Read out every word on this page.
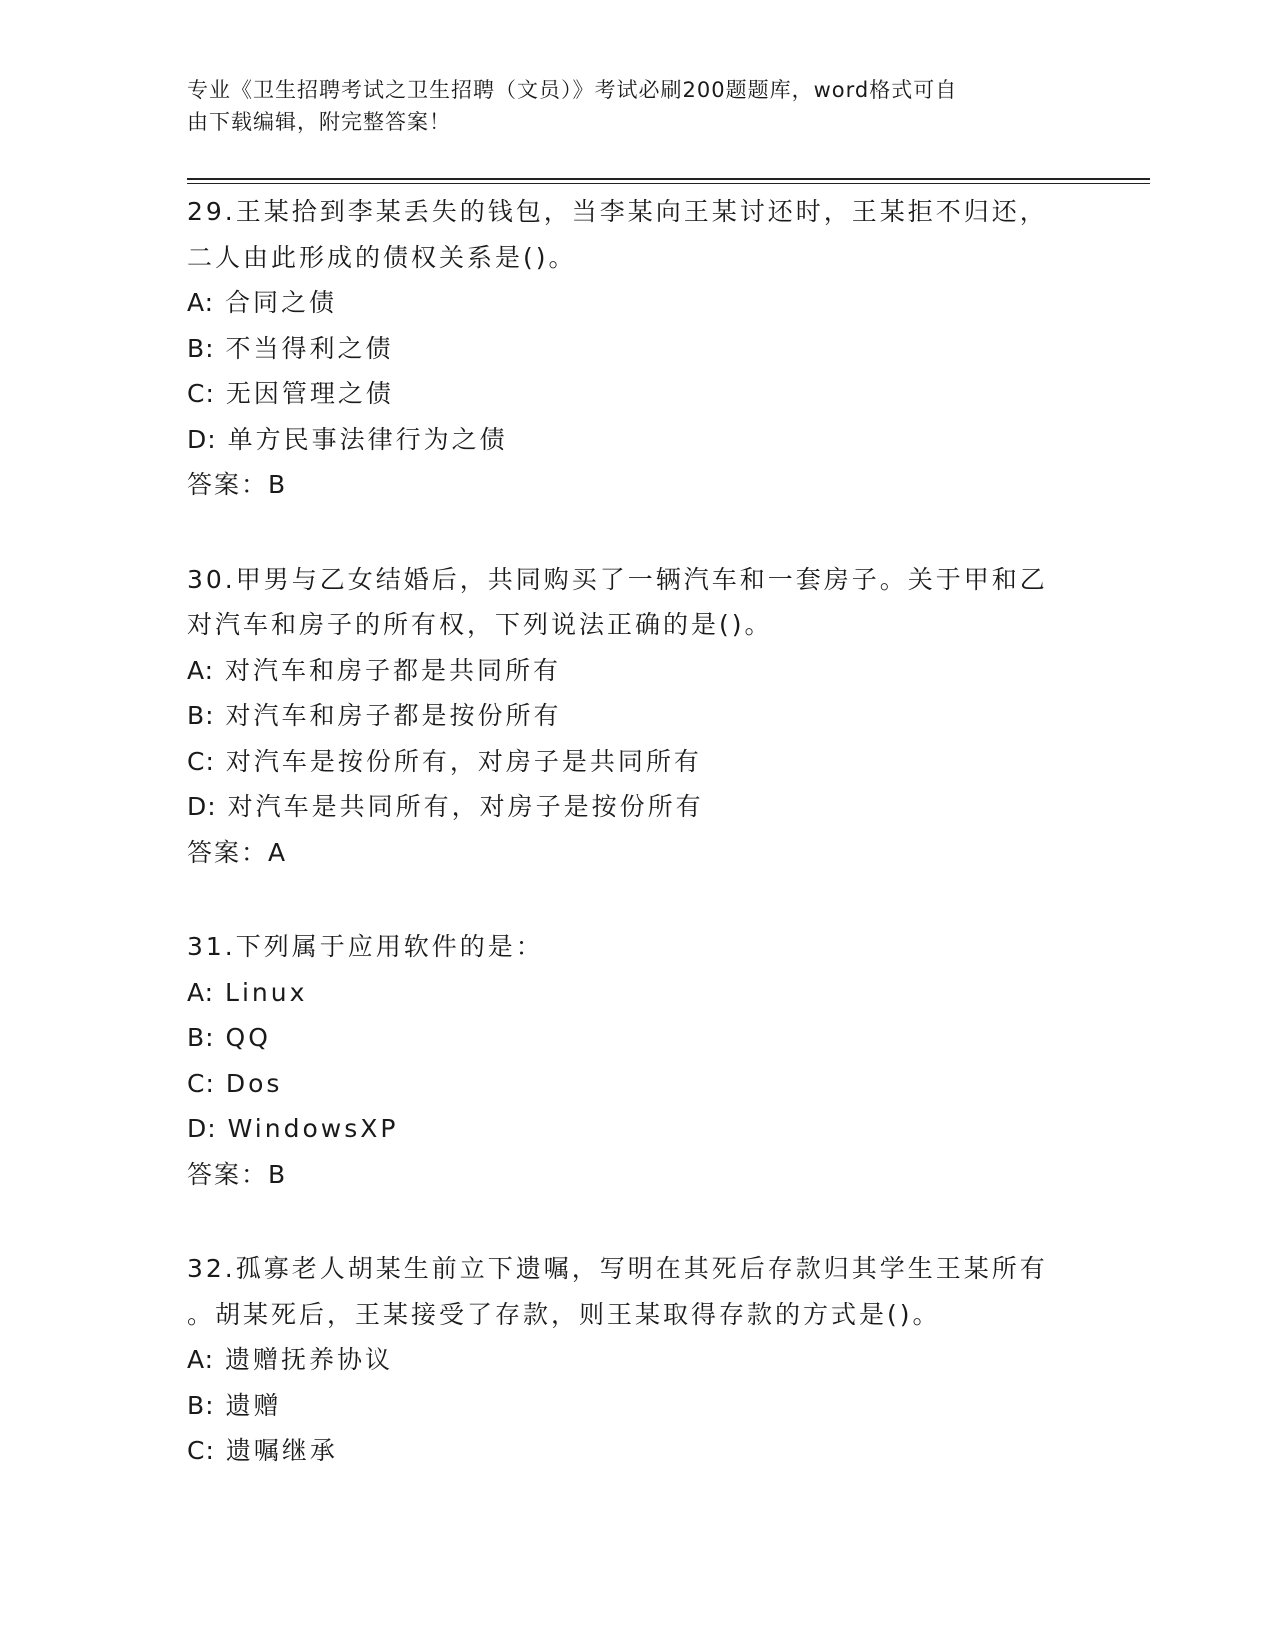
专业《卫生招聘考试之卫生招聘（文员）》考试必刷200题题库，word格式可自
由下载编辑，附完整答案！
29.王某拾到李某丢失的钱包，当李某向王某讨还时，王某拒不归还，
二人由此形成的债权关系是()。
A: 合同之债
B: 不当得利之债
C: 无因管理之债
D: 单方民事法律行为之债
答案：B
30.甲男与乙女结婚后，共同购买了一辆汽车和一套房子。关于甲和乙
对汽车和房子的所有权，下列说法正确的是()。
A: 对汽车和房子都是共同所有
B: 对汽车和房子都是按份所有
C: 对汽车是按份所有，对房子是共同所有
D: 对汽车是共同所有，对房子是按份所有
答案：A
31.下列属于应用软件的是：
A: Linux
B: QQ
C: Dos
D: WindowsXP
答案：B
32.孤寡老人胡某生前立下遗嘱，写明在其死后存款归其学生王某所有
。胡某死后，王某接受了存款，则王某取得存款的方式是()。
A: 遗赠抚养协议
B: 遗赠
C: 遗嘱继承
